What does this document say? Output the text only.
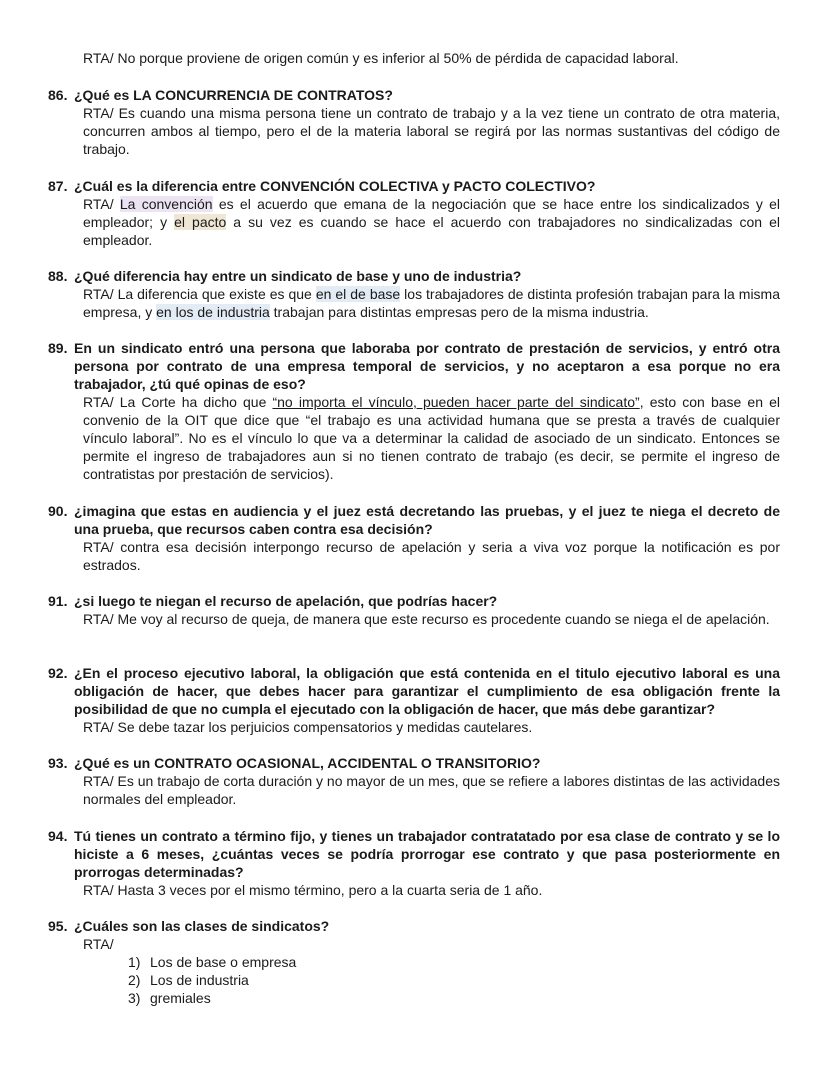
RTA/ No porque proviene de origen común y es inferior al 50% de pérdida de capacidad laboral.
86. ¿Qué es LA CONCURRENCIA DE CONTRATOS?
RTA/ Es cuando una misma persona tiene un contrato de trabajo y a la vez tiene un contrato de otra materia, concurren ambos al tiempo, pero el de la materia laboral se regirá por las normas sustantivas del código de trabajo.
87. ¿Cuál es la diferencia entre CONVENCIÓN COLECTIVA y PACTO COLECTIVO?
RTA/ La convención es el acuerdo que emana de la negociación que se hace entre los sindicalizados y el empleador; y el pacto a su vez es cuando se hace el acuerdo con trabajadores no sindicalizadas con el empleador.
88. ¿Qué diferencia hay entre un sindicato de base y uno de industria?
RTA/ La diferencia que existe es que en el de base los trabajadores de distinta profesión trabajan para la misma empresa, y en los de industria trabajan para distintas empresas pero de la misma industria.
89. En un sindicato entró una persona que laboraba por contrato de prestación de servicios, y entró otra persona por contrato de una empresa temporal de servicios, y no aceptaron a esa porque no era trabajador, ¿tú qué opinas de eso?
RTA/ La Corte ha dicho que “no importa el vínculo, pueden hacer parte del sindicato”, esto con base en el convenio de la OIT que dice que “el trabajo es una actividad humana que se presta a través de cualquier vínculo laboral”. No es el vínculo lo que va a determinar la calidad de asociado de un sindicato. Entonces se permite el ingreso de trabajadores aun si no tienen contrato de trabajo (es decir, se permite el ingreso de contratistas por prestación de servicios).
90. ¿imagina que estas en audiencia y el juez está decretando las pruebas, y el juez te niega el decreto de una prueba, que recursos caben contra esa decisión?
RTA/ contra esa decisión interpongo recurso de apelación y seria a viva voz porque la notificación es por estrados.
91. ¿si luego te niegan el recurso de apelación, que podrías hacer?
RTA/ Me voy al recurso de queja, de manera que este recurso es procedente cuando se niega el de apelación.
92. ¿En el proceso ejecutivo laboral, la obligación que está contenida en el titulo ejecutivo laboral es una obligación de hacer, que debes hacer para garantizar el cumplimiento de esa obligación frente la posibilidad de que no cumpla el ejecutado con la obligación de hacer, que más debe garantizar?
RTA/ Se debe tazar los perjuicios compensatorios y medidas cautelares.
93. ¿Qué es un CONTRATO OCASIONAL, ACCIDENTAL O TRANSITORIO?
RTA/ Es un trabajo de corta duración y no mayor de un mes, que se refiere a labores distintas de las actividades normales del empleador.
94. Tú tienes un contrato a término fijo, y tienes un trabajador contratatado por esa clase de contrato y se lo hiciste a 6 meses, ¿cuántas veces se podría prorrogar ese contrato y que pasa posteriormente en prorrogas determinadas?
RTA/ Hasta 3 veces por el mismo término, pero a la cuarta seria de 1 año.
95. ¿Cuáles son las clases de sindicatos?
RTA/
1) Los de base o empresa
2) Los de industria
3) gremiales
